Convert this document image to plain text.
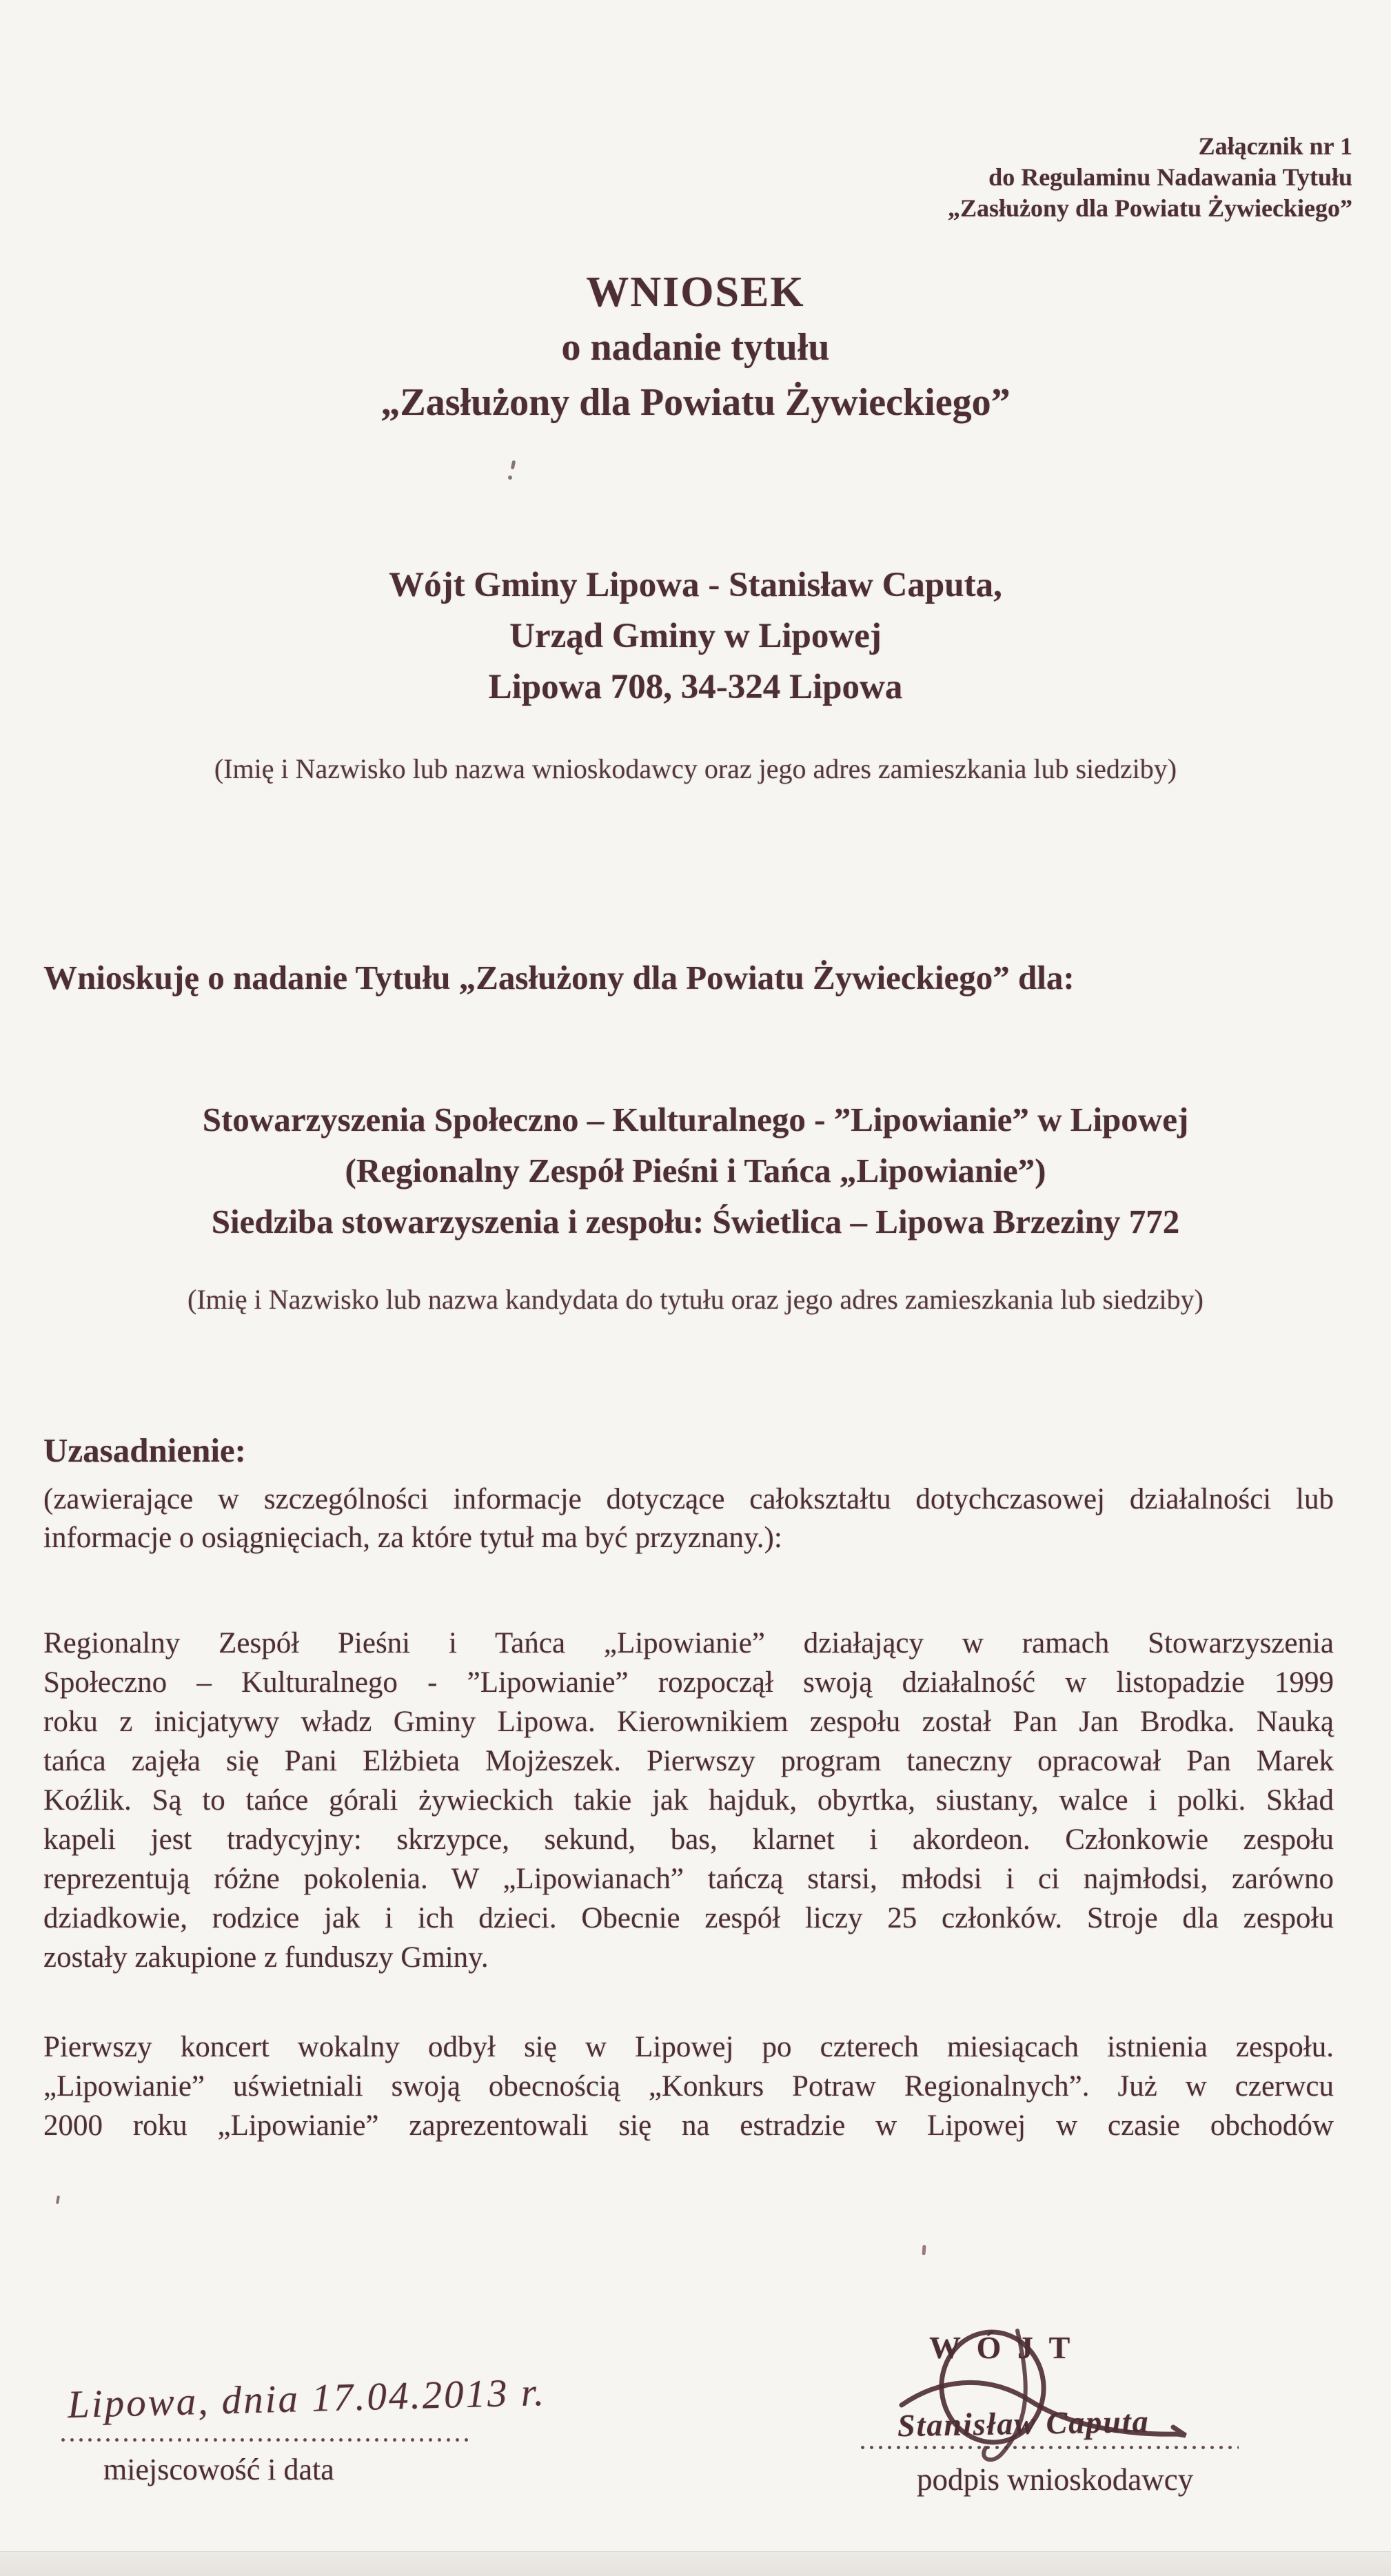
Załącznik nr 1
do Regulaminu Nadawania Tytułu
„Zasłużony dla Powiatu Żywieckiego”
WNIOSEK
o nadanie tytułu
„Zasłużony dla Powiatu Żywieckiego”
Wójt Gminy Lipowa - Stanisław Caputa,
Urząd Gminy w Lipowej
Lipowa 708, 34-324 Lipowa
(Imię i Nazwisko lub nazwa wnioskodawcy oraz jego adres zamieszkania lub siedziby)
Wnioskuję o nadanie Tytułu „Zasłużony dla Powiatu Żywieckiego” dla:
Stowarzyszenia Społeczno – Kulturalnego - ”Lipowianie” w Lipowej
(Regionalny Zespół Pieśni i Tańca „Lipowianie”)
Siedziba stowarzyszenia i zespołu: Świetlica – Lipowa Brzeziny 772
(Imię i Nazwisko lub nazwa kandydata do tytułu oraz jego adres zamieszkania lub siedziby)
Uzasadnienie:
(zawierające w szczególności informacje dotyczące całokształtu dotychczasowej działalności lub
informacje o osiągnięciach, za które tytuł ma być przyznany.):
Regionalny Zespół Pieśni i Tańca „Lipowianie” działający w ramach Stowarzyszenia
Społeczno – Kulturalnego - ”Lipowianie” rozpoczął swoją działalność w listopadzie 1999
roku z inicjatywy władz Gminy Lipowa. Kierownikiem zespołu został Pan Jan Brodka. Nauką
tańca zajęła się Pani Elżbieta Mojżeszek. Pierwszy program taneczny opracował Pan Marek
Koźlik. Są to tańce górali żywieckich takie jak hajduk, obyrtka, siustany, walce i polki. Skład
kapeli jest tradycyjny: skrzypce, sekund, bas, klarnet i akordeon. Członkowie zespołu
reprezentują różne pokolenia. W „Lipowianach” tańczą starsi, młodsi i ci najmłodsi, zarówno
dziadkowie, rodzice jak i ich dzieci. Obecnie zespół liczy 25 członków. Stroje dla zespołu
zostały zakupione z funduszy Gminy.
Pierwszy koncert wokalny odbył się w Lipowej po czterech miesiącach istnienia zespołu.
„Lipowianie” uświetniali swoją obecnością „Konkurs Potraw Regionalnych”. Już w czerwcu
2000 roku „Lipowianie” zaprezentowali się na estradzie w Lipowej w czasie obchodów
Lipowa, dnia 17.04.2013 r.
miejscowość i data
W Ó J T
Stanisław Caputa
podpis wnioskodawcy
